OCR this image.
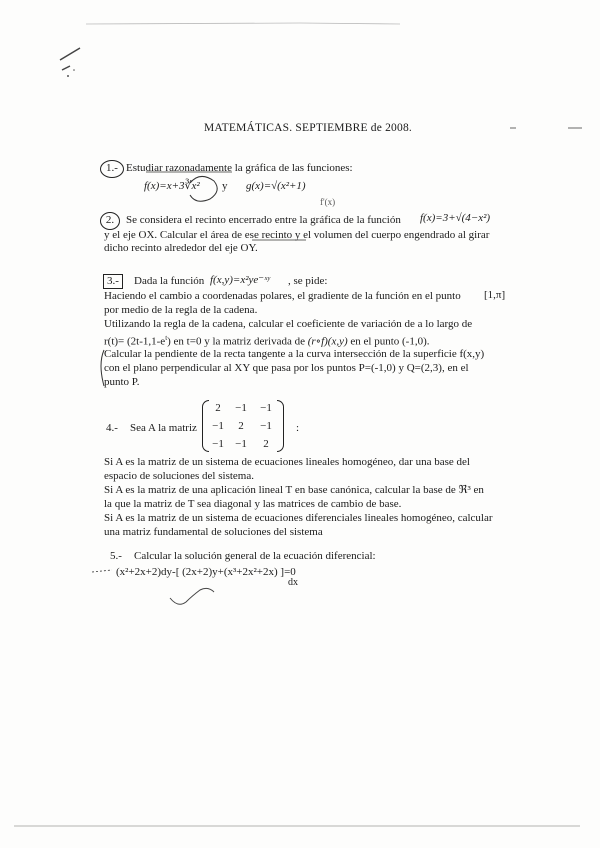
MATEMÁTICAS. SEPTIEMBRE de 2008.
1.- Estudiar razonadamente la gráfica de las funciones:
f(x)=x+3∛x² y g(x)=√(x²+1)
f'(x)
2.	Se considera el recinto encerrado entre la gráfica de la función f(x)=3+√(4−x²)
y el eje OX. Calcular el área de ese recinto y el volumen del cuerpo engendrado al girar
dicho recinto alrededor del eje OY.
3.-	Dada la función f(x,y)=x²ye⁻ˣʸ , se pide:
Haciendo el cambio a coordenadas polares, el gradiente de la función en el punto [1,π]
por medio de la regla de la cadena.
Utilizando la regla de la cadena, calcular el coeficiente de variación de a lo largo de
$r(t)= (2t-1,1-e^t)$ en t=0 y la matriz derivada de (r∘f)(x,y) en el punto (-1,0).
Calcular la pendiente de la recta tangente a la curva intersección de la superficie f(x,y)
con el plano perpendicular al XY que pasa por los puntos P=(-1,0) y Q=(2,3), en el
punto P.
4.- Sea A la matriz
2	−1	−1
−1	2	−1
−1	−1	2
:
Si A es la matriz de un sistema de ecuaciones lineales homogéneo, dar una base del
espacio de soluciones del sistema.
Si A es la matriz de una aplicación lineal T en base canónica, calcular la base de ℜ³ en
la que la matriz de T sea diagonal y las matrices de cambio de base.
Si A es la matriz de un sistema de ecuaciones diferenciales lineales homogéneo, calcular
una matriz fundamental de soluciones del sistema
5.- Calcular la solución general de la ecuación diferencial:
(x²+2x+2)dy-[ (2x+2)y+(x³+2x²+2x) ]=0
dx
